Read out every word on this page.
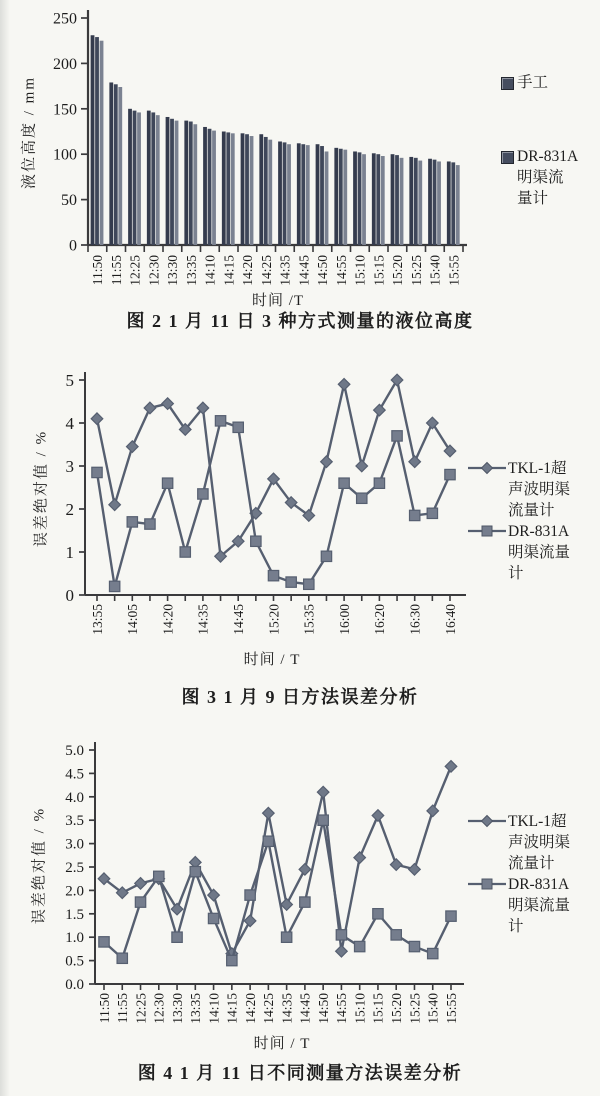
0
50
100
150
200
250
11:50 11:55 12:25 12:30 13:30 13:35 14:10 14:15 14:20 14:25 14:35 14:45 14:50 14:55 15:10 15:15 15:20 15:25 15:40 15:55
液位高度 / mm
时间 /T
手工
DR-831A
明渠流
量计
图 2 1 月 11 日 3 种方式测量的液位高度
0
1
2
3
4
5
13:55 14:05 14:20 14:35 14:45 15:20 15:35 16:00 16:20 16:30 16:40
误差绝对值 / %
时间 / T
TKL-1超
声波明渠
流量计
DR-831A
明渠流量
计
图 3 1 月 9 日方法误差分析
0.0
0.5
1.0
1.5
2.0
2.5
3.0
3.5
4.0
4.5
5.0
11:50 11:55 12:25 12:30 13:30 13:35 14:10 14:15 14:20 14:25 14:35 14:45 14:50 14:55 15:10 15:15 15:20 15:25 15:40 15:55
误差绝对值 / %
时间 / T
TKL-1超
声波明渠
流量计
DR-831A
明渠流量
计
图 4 1 月 11 日不同测量方法误差分析
